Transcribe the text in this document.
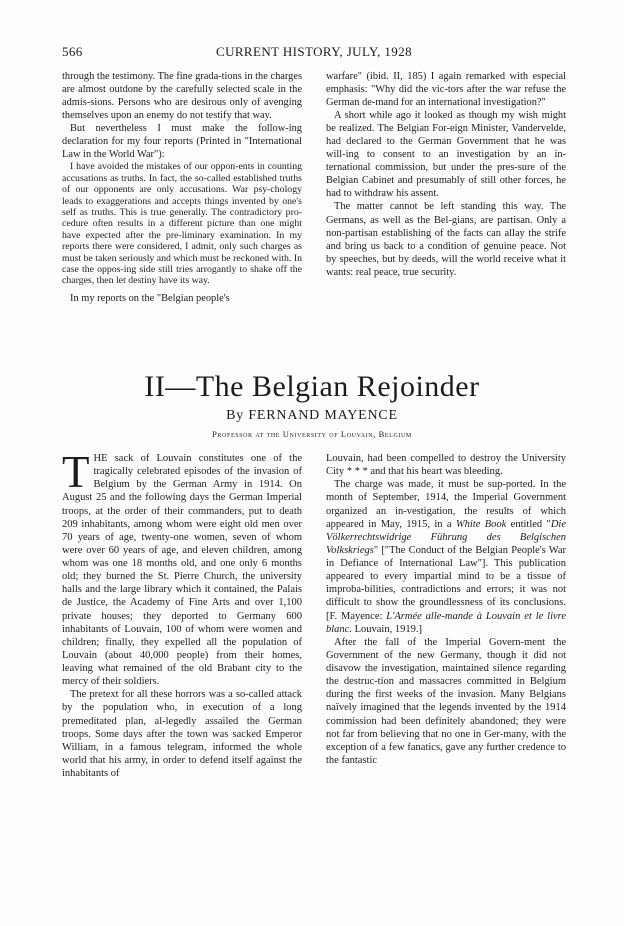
566	CURRENT HISTORY, JULY, 1928

through the testimony. The fine grada-tions in the charges are almost outdone by the carefully selected scale in the admis-sions. Persons who are desirous only of avenging themselves upon an enemy do not testify that way.

But nevertheless I must make the follow-ing declaration for my four reports (Printed in "International Law in the World War"):

I have avoided the mistakes of our oppon-ents in counting accusations as truths. In fact, the so-called established truths of our opponents are only accusations. War psy-chology leads to exaggerations and accepts things invented by one's self as truths. This is true generally. The contradictory pro-cedure often results in a different picture than one might have expected after the pre-liminary examination. In my reports there were considered, I admit, only such charges as must be taken seriously and which must be reckoned with. In case the oppos-ing side still tries arrogantly to shake off the charges, then let destiny have its way.

In my reports on the "Belgian people's

warfare" (ibid. II, 185) I again remarked with especial emphasis: "Why did the vic-tors after the war refuse the German de-mand for an international investigation?"

A short while ago it looked as though my wish might be realized. The Belgian For-eign Minister, Vandervelde, had declared to the German Government that he was will-ing to consent to an investigation by an in-ternational commission, but under the pres-sure of the Belgian Cabinet and presumably of still other forces, he had to withdraw his assent.

The matter cannot be left standing this way. The Germans, as well as the Bel-gians, are partisan. Only a non-partisan establishing of the facts can allay the strife and bring us back to a condition of genuine peace. Not by speeches, but by deeds, will the world receive what it wants: real peace, true security.

II—The Belgian Rejoinder
By FERNAND MAYENCE
Professor at the University of Louvain, Belgium

THE sack of Louvain constitutes one of the tragically celebrated episodes of the invasion of Belgium by the German Army in 1914. On August 25 and the following days the German Imperial troops, at the order of their commanders, put to death 209 inhabitants, among whom were eight old men over 70 years of age, twenty-one women, seven of whom were over 60 years of age, and eleven children, among whom was one 18 months old, and one only 6 months old; they burned the St. Pierre Church, the university halls and the large library which it contained, the Palais de Justice, the Academy of Fine Arts and over 1,100 private houses; they deported to Germany 600 inhabitants of Louvain, 100 of whom were women and children; finally, they expelled all the population of Louvain (about 40,000 people) from their homes, leaving what remained of the old Brabant city to the mercy of their soldiers.

The pretext for all these horrors was a so-called attack by the population who, in execution of a long premeditated plan, al-legedly assailed the German troops. Some days after the town was sacked Emperor William, in a famous telegram, informed the whole world that his army, in order to defend itself against the inhabitants of

Louvain, had been compelled to destroy the University City * * * and that his heart was bleeding.

The charge was made, it must be sup-ported. In the month of September, 1914, the Imperial Government organized an in-vestigation, the results of which appeared in May, 1915, in a White Book entitled "Die Völkerrechtswidrige Führung des Belgischen Volkskriegs" ["The Conduct of the Belgian People's War in Defiance of International Law"]. This publication appeared to every impartial mind to be a tissue of improba-bilities, contradictions and errors; it was not difficult to show the groundlessness of its conclusions. [F. Mayence: L'Armée alle-mande à Louvain et le livre blanc. Louvain, 1919.]

After the fall of the Imperial Govern-ment the Government of the new Germany, though it did not disavow the investigation, maintained silence regarding the destruc-tion and massacres committed in Belgium during the first weeks of the invasion. Many Belgians naïvely imagined that the legends invented by the 1914 commission had been definitely abandoned; they were not far from believing that no one in Ger-many, with the exception of a few fanatics, gave any further credence to the fantastic
